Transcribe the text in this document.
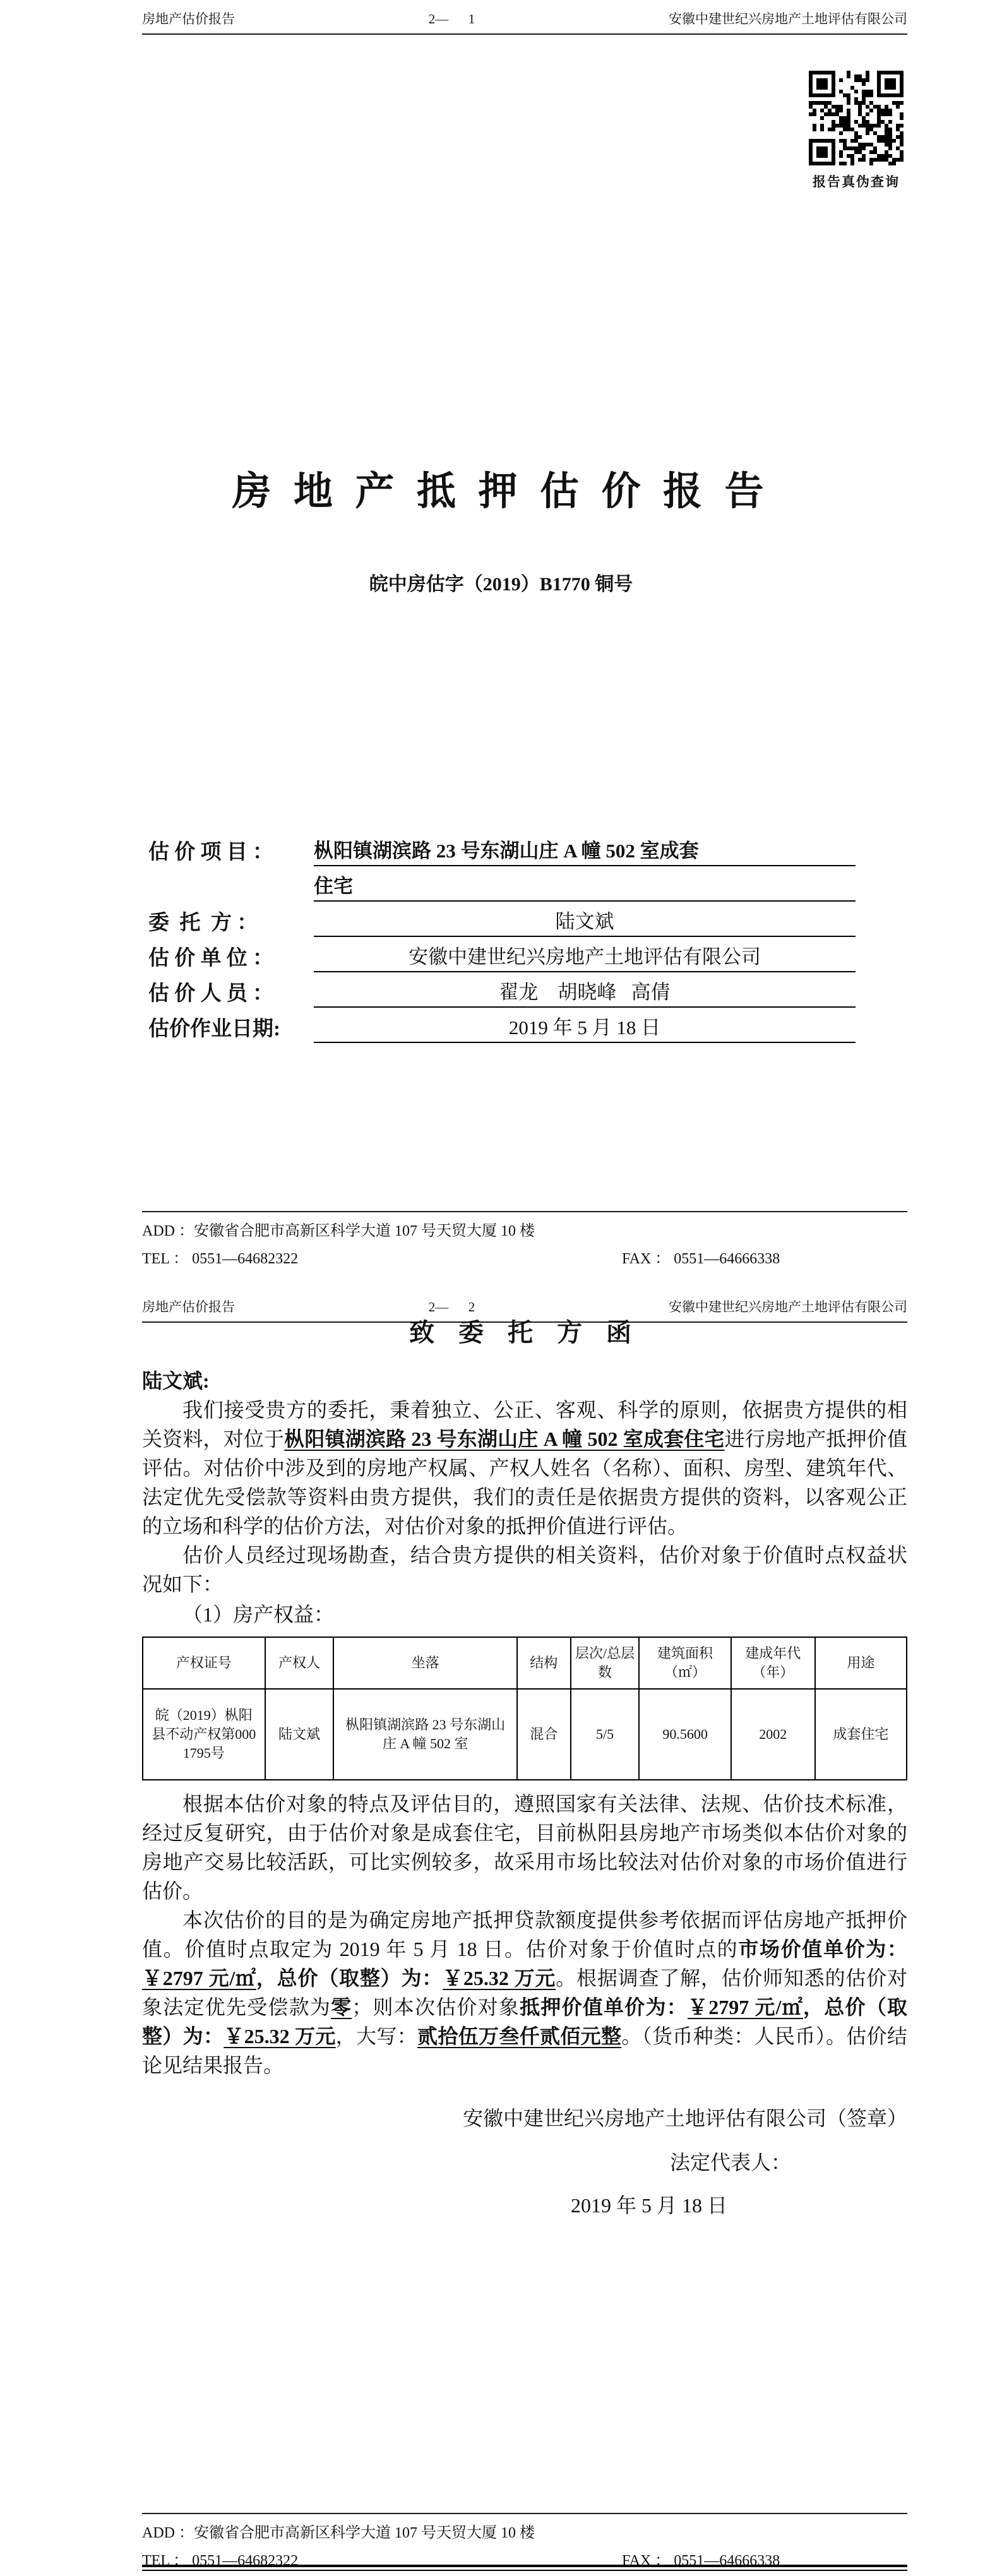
房地产估价报告	2—      1	安徽中建世纪兴房地产土地评估有限公司
报告真伪查询
房 地 产 抵 押 估 价 报 告
皖中房估字（2019）B1770 铜号
估 价 项 目 ：	枞阳镇湖滨路 23 号东湖山庄 A 幢 502 室成套
住宅
委  托  方 ：	陆文斌
估 价 单 位 ：	安徽中建世纪兴房地产土地评估有限公司
估 价 人 员 ：	翟龙    胡晓峰   高倩
估价作业日期:	2019 年 5 月 18 日
ADD ：安徽省合肥市高新区科学大道 107 号天贸大厦 10 楼
TEL ： 0551—64682322	FAX ： 0551—64666338
房地产估价报告	2—      2	安徽中建世纪兴房地产土地评估有限公司
致 委 托 方 函

陆文斌:

我们接受贵方的委托，秉着独立、公正、客观、科学的原则，依据贵方提供的相关资料，对位于枞阳镇湖滨路 23 号东湖山庄 A 幢 502 室成套住宅进行房地产抵押价值评估。对估价中涉及到的房地产权属、产权人姓名（名称）、面积、房型、建筑年代、法定优先受偿款等资料由贵方提供，我们的责任是依据贵方提供的资料，以客观公正的立场和科学的估价方法，对估价对象的抵押价值进行评估。

估价人员经过现场勘查，结合贵方提供的相关资料，估价对象于价值时点权益状况如下：

（1）房产权益：

产权证号	产权人	坐落	结构	层次/总层数	建筑面积（㎡）	建成年代（年）	用途
皖（2019）枞阳县不动产权第0001795号	陆文斌	枞阳镇湖滨路 23 号东湖山庄 A 幢 502 室	混合	5/5	90.5600	2002	成套住宅

根据本估价对象的特点及评估目的，遵照国家有关法律、法规、估价技术标准，经过反复研究，由于估价对象是成套住宅，目前枞阳县房地产市场类似本估价对象的房地产交易比较活跃，可比实例较多，故采用市场比较法对估价对象的市场价值进行估价。

本次估价的目的是为确定房地产抵押贷款额度提供参考依据而评估房地产抵押价值。价值时点取定为 2019 年 5 月 18 日。估价对象于价值时点的市场价值单价为：￥2797 元/㎡，总价（取整）为：￥25.32 万元。根据调查了解，估价师知悉的估价对象法定优先受偿款为零；则本次估价对象抵押价值单价为：￥2797 元/㎡，总价（取整）为：￥25.32 万元，大写：贰拾伍万叁仟贰佰元整。（货币种类：人民币）。估价结论见结果报告。

安徽中建世纪兴房地产土地评估有限公司（签章）
法定代表人：
2019 年 5 月 18 日
ADD ：安徽省合肥市高新区科学大道 107 号天贸大厦 10 楼
TEL ： 0551—64682322	FAX ： 0551—64666338
